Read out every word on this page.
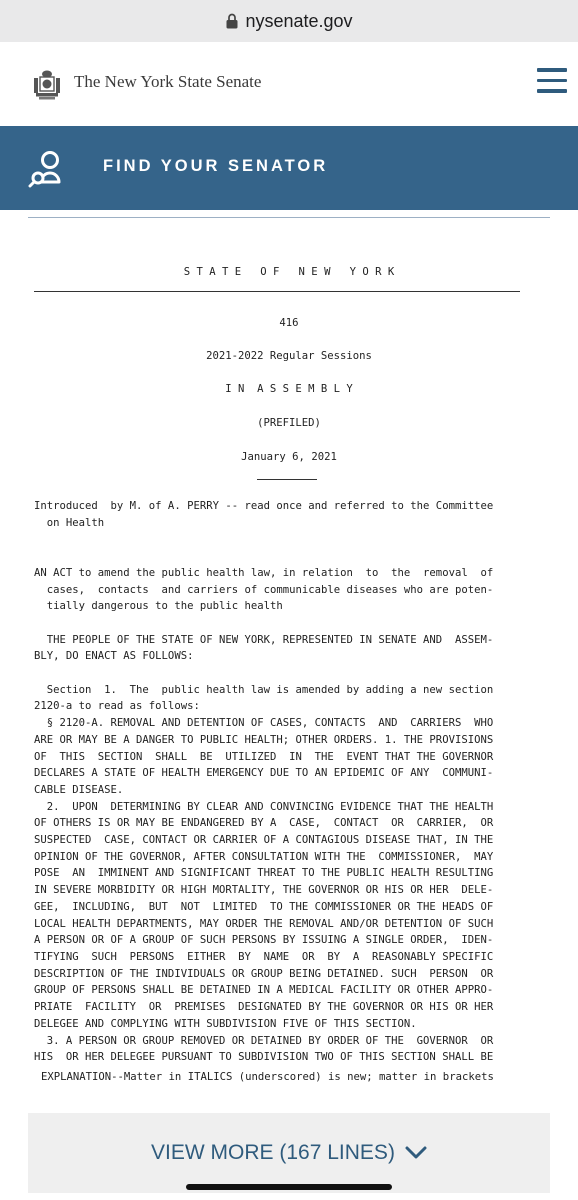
nysenate.gov
The New York State Senate
FIND YOUR SENATOR
S T A T E   O F   N E W   Y O R K
416
2021-2022 Regular Sessions
I N  A S S E M B L Y
(PREFILED)
January 6, 2021
Introduced  by M. of A. PERRY -- read once and referred to the Committee
on Health

AN ACT to amend the public health law, in relation  to  the  removal  of
cases,  contacts  and carriers of communicable diseases who are poten-
tially dangerous to the public health

THE PEOPLE OF THE STATE OF NEW YORK, REPRESENTED IN SENATE AND  ASSEM-
BLY, DO ENACT AS FOLLOWS:

Section  1.  The  public health law is amended by adding a new section
2120-a to read as follows:
§ 2120-A. REMOVAL AND DETENTION OF CASES, CONTACTS  AND  CARRIERS  WHO
ARE OR MAY BE A DANGER TO PUBLIC HEALTH; OTHER ORDERS. 1. THE PROVISIONS
OF  THIS  SECTION  SHALL  BE  UTILIZED  IN  THE  EVENT THAT THE GOVERNOR
DECLARES A STATE OF HEALTH EMERGENCY DUE TO AN EPIDEMIC OF ANY  COMMUNI-
CABLE DISEASE.
2.  UPON  DETERMINING BY CLEAR AND CONVINCING EVIDENCE THAT THE HEALTH
OF OTHERS IS OR MAY BE ENDANGERED BY A  CASE,  CONTACT  OR  CARRIER,  OR
SUSPECTED  CASE, CONTACT OR CARRIER OF A CONTAGIOUS DISEASE THAT, IN THE
OPINION OF THE GOVERNOR, AFTER CONSULTATION WITH THE  COMMISSIONER,  MAY
POSE  AN  IMMINENT AND SIGNIFICANT THREAT TO THE PUBLIC HEALTH RESULTING
IN SEVERE MORBIDITY OR HIGH MORTALITY, THE GOVERNOR OR HIS OR HER  DELE-
GEE,  INCLUDING,  BUT  NOT  LIMITED  TO THE COMMISSIONER OR THE HEADS OF
LOCAL HEALTH DEPARTMENTS, MAY ORDER THE REMOVAL AND/OR DETENTION OF SUCH
A PERSON OR OF A GROUP OF SUCH PERSONS BY ISSUING A SINGLE ORDER,  IDEN-
TIFYING  SUCH  PERSONS  EITHER  BY  NAME  OR  BY  A  REASONABLY SPECIFIC
DESCRIPTION OF THE INDIVIDUALS OR GROUP BEING DETAINED. SUCH  PERSON  OR
GROUP OF PERSONS SHALL BE DETAINED IN A MEDICAL FACILITY OR OTHER APPRO-
PRIATE  FACILITY  OR  PREMISES  DESIGNATED BY THE GOVERNOR OR HIS OR HER
DELEGEE AND COMPLYING WITH SUBDIVISION FIVE OF THIS SECTION.
3. A PERSON OR GROUP REMOVED OR DETAINED BY ORDER OF THE  GOVERNOR  OR
HIS  OR HER DELEGEE PURSUANT TO SUBDIVISION TWO OF THIS SECTION SHALL BE
EXPLANATION--Matter in ITALICS (underscored) is new; matter in brackets
VIEW MORE (167 LINES)
